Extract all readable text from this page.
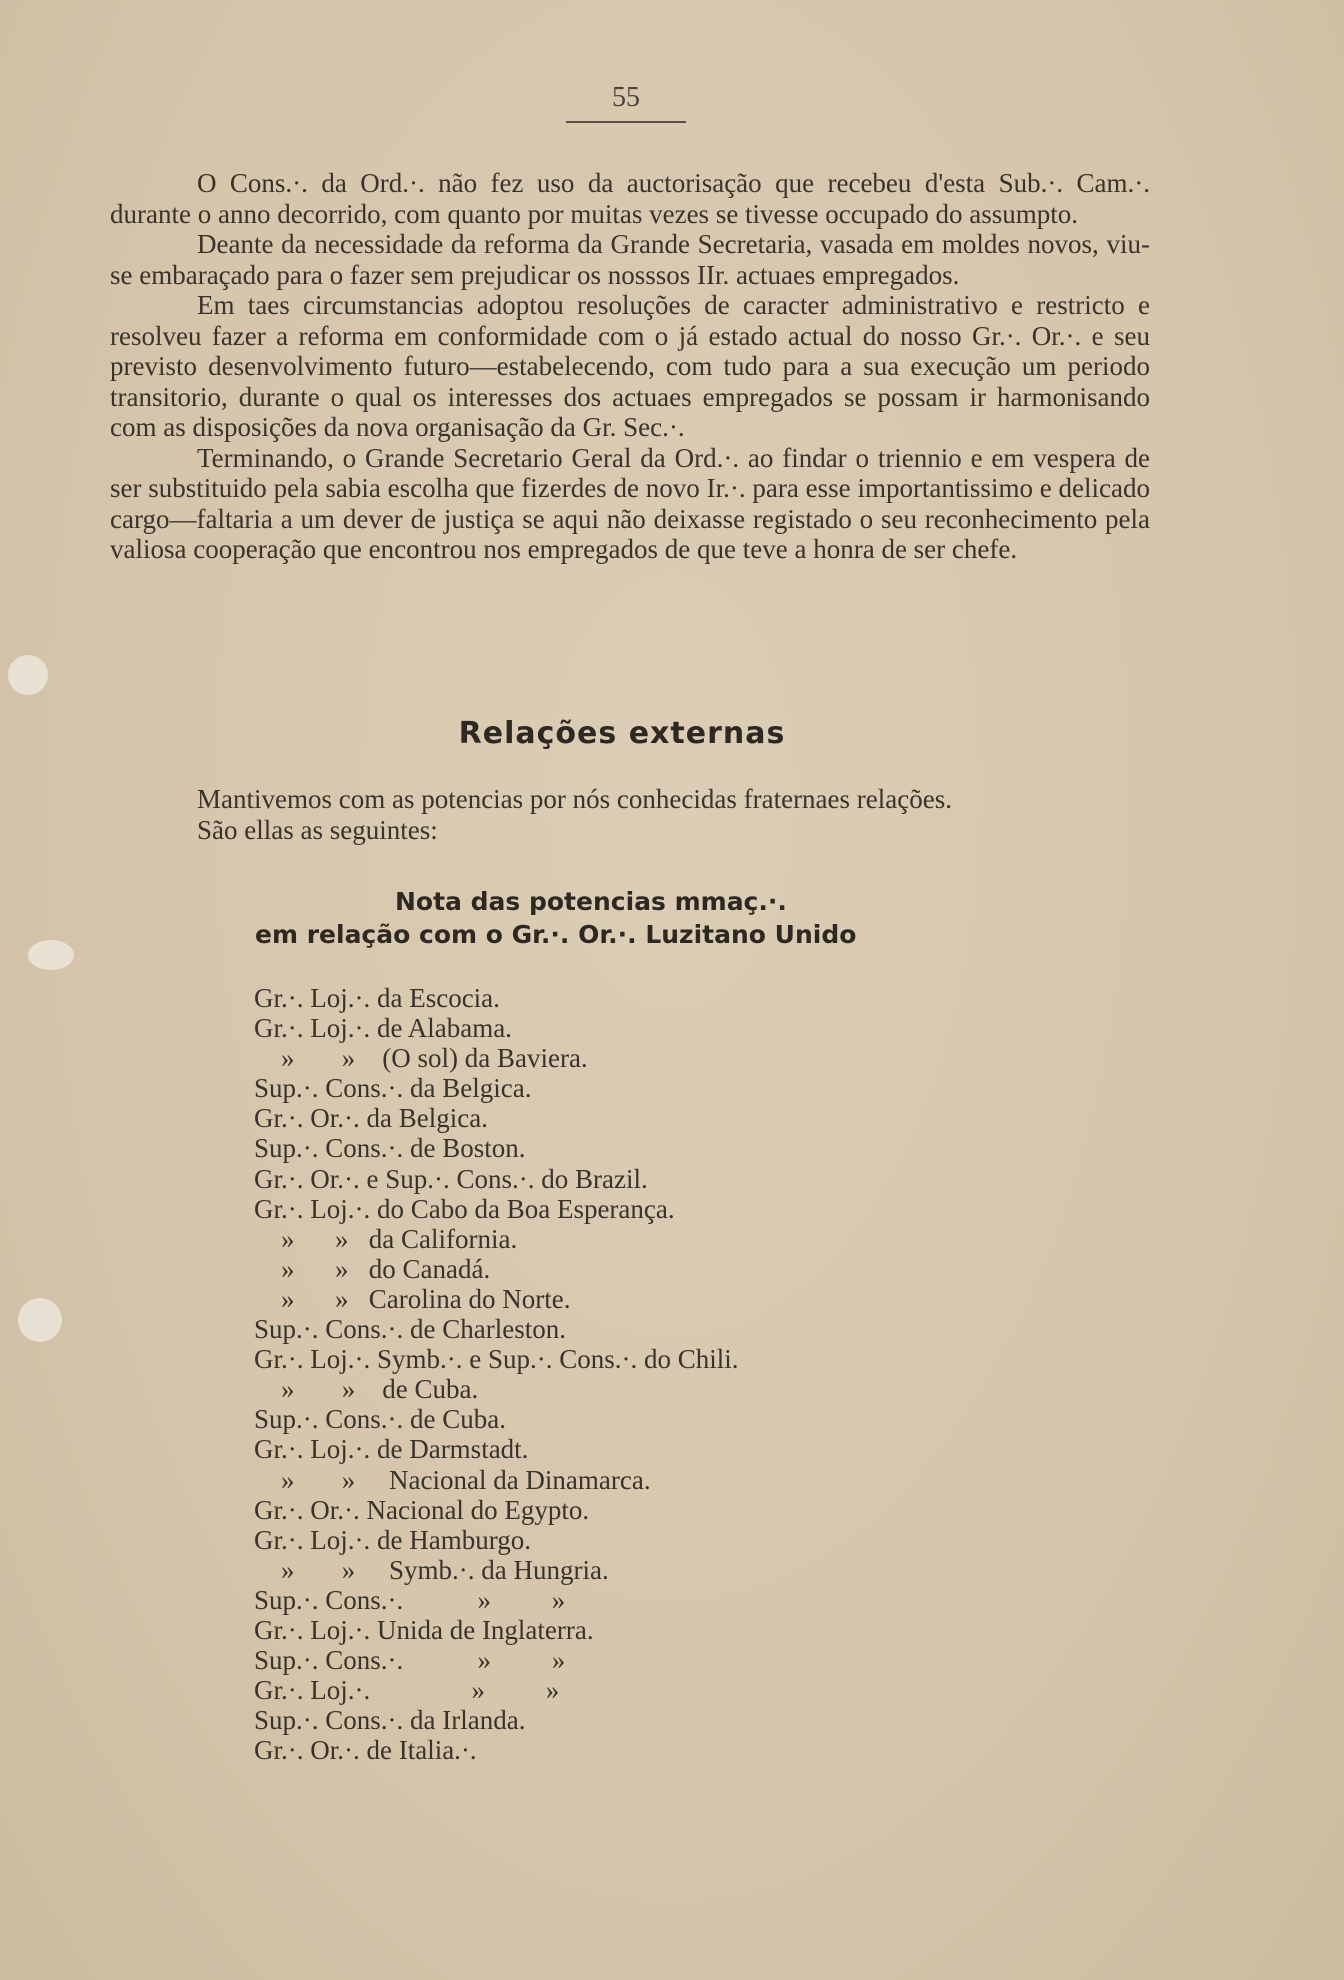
55

O Cons.·. da Ord.·. não fez uso da auctorisação que recebeu d'esta Sub.·. Cam.·. durante o anno decorrido, com quanto por muitas vezes se tivesse occupado do assumpto.

Deante da necessidade da reforma da Grande Secretaria, vasada em moldes novos, viu-se embaraçado para o fazer sem prejudicar os nosssos IIr. actuaes empregados.

Em taes circumstancias adoptou resoluções de caracter administrativo e restricto e resolveu fazer a reforma em conformidade com o já estado actual do nosso Gr.·. Or.·. e seu previsto desenvolvimento futuro—estabelecendo, com tudo para a sua execução um periodo transitorio, durante o qual os interesses dos actuaes empregados se possam ir harmonisando com as disposições da nova organisação da Gr. Sec.·.

Terminando, o Grande Secretario Geral da Ord.·. ao findar o triennio e em vespera de ser substituido pela sabia escolha que fizerdes de novo Ir.·. para esse importantissimo e delicado cargo—faltaria a um dever de justiça se aqui não deixasse registado o seu reconhecimento pela valiosa cooperação que encontrou nos empregados de que teve a honra de ser chefe.

Relações externas

Mantivemos com as potencias por nós conhecidas fraternaes relações.

São ellas as seguintes:

Nota das potencias mmaç.·.
em relação com o Gr.·. Or.·. Luzitano Unido
Gr.·. Loj.·. da Escocia.
Gr.·. Loj.·. de Alabama.
»       »    (O sol) da Baviera.
Sup.·. Cons.·. da Belgica.
Gr.·. Or.·. da Belgica.
Sup.·. Cons.·. de Boston.
Gr.·. Or.·. e Sup.·. Cons.·. do Brazil.
Gr.·. Loj.·. do Cabo da Boa Esperança.
»      »   da California.
»      »   do Canadá.
»      »   Carolina do Norte.
Sup.·. Cons.·. de Charleston.
Gr.·. Loj.·. Symb.·. e Sup.·. Cons.·. do Chili.
»       »    de Cuba.
Sup.·. Cons.·. de Cuba.
Gr.·. Loj.·. de Darmstadt.
»       »     Nacional da Dinamarca.
Gr.·. Or.·. Nacional do Egypto.
Gr.·. Loj.·. de Hamburgo.
»       »     Symb.·. da Hungria.
Sup.·. Cons.·.           »         »
Gr.·. Loj.·. Unida de Inglaterra.
Sup.·. Cons.·.           »         »
Gr.·. Loj.·.               »         »
Sup.·. Cons.·. da Irlanda.
Gr.·. Or.·. de Italia.·.
